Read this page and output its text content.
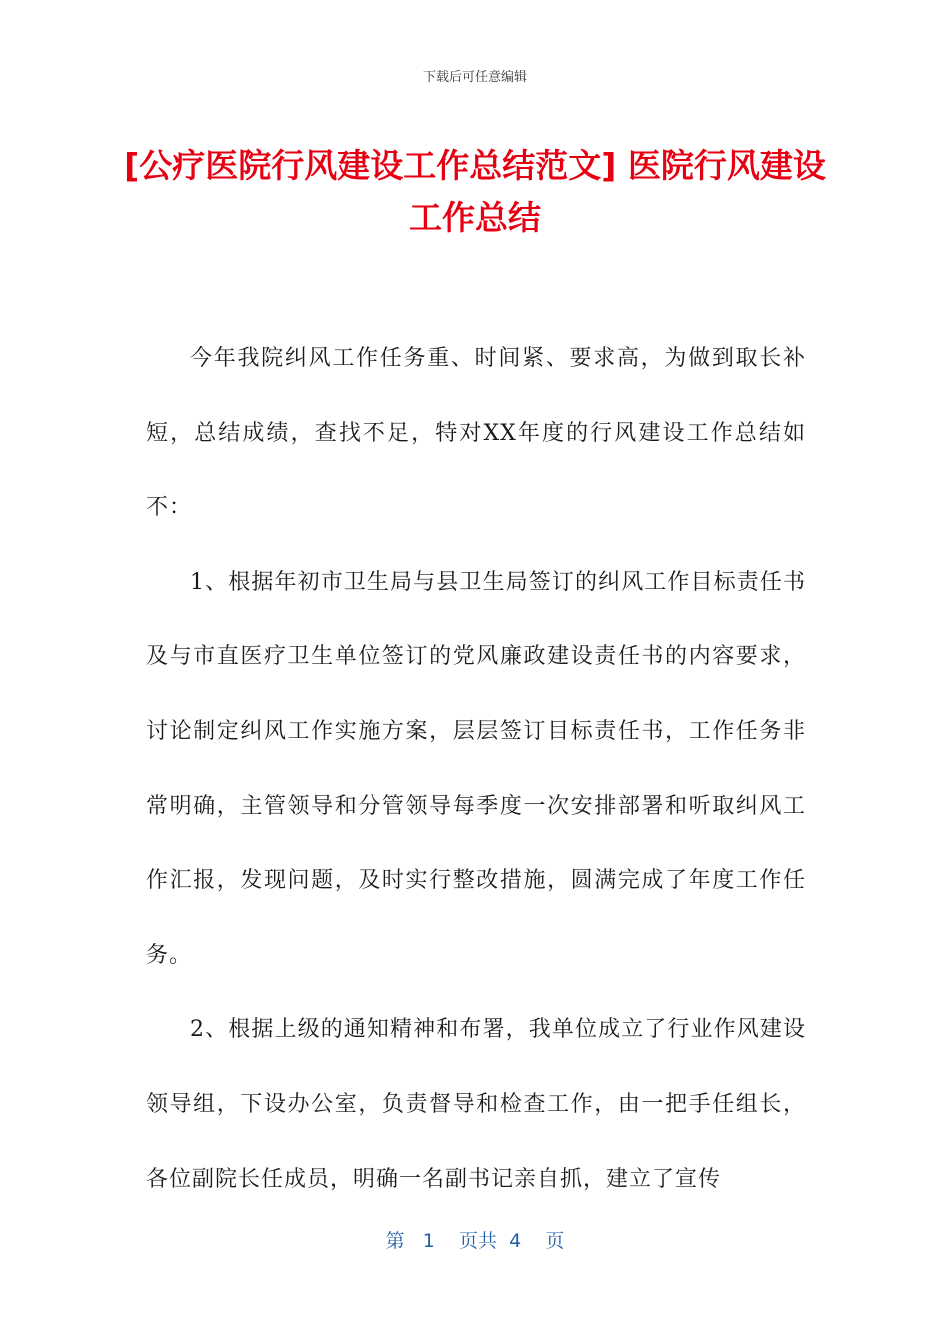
下载后可任意编辑
[公疗医院行风建设工作总结范文] 医院行风建设工作总结

今年我院纠风工作任务重、时间紧、要求高，为做到取长补短，总结成绩，查找不足，特对XX年度的行风建设工作总结如不：

1、根据年初市卫生局与县卫生局签订的纠风工作目标责任书及与市直医疗卫生单位签订的党风廉政建设责任书的内容要求，讨论制定纠风工作实施方案，层层签订目标责任书，工作任务非常明确，主管领导和分管领导每季度一次安排部署和听取纠风工作汇报，发现问题，及时实行整改措施，圆满完成了年度工作任务。

2、根据上级的通知精神和布署，我单位成立了行业作风建设领导组，下设办公室，负责督导和检查工作，由一把手任组长，各位副院长任成员，明确一名副书记亲自抓，建立了宣传

第 1 页共 4 页
